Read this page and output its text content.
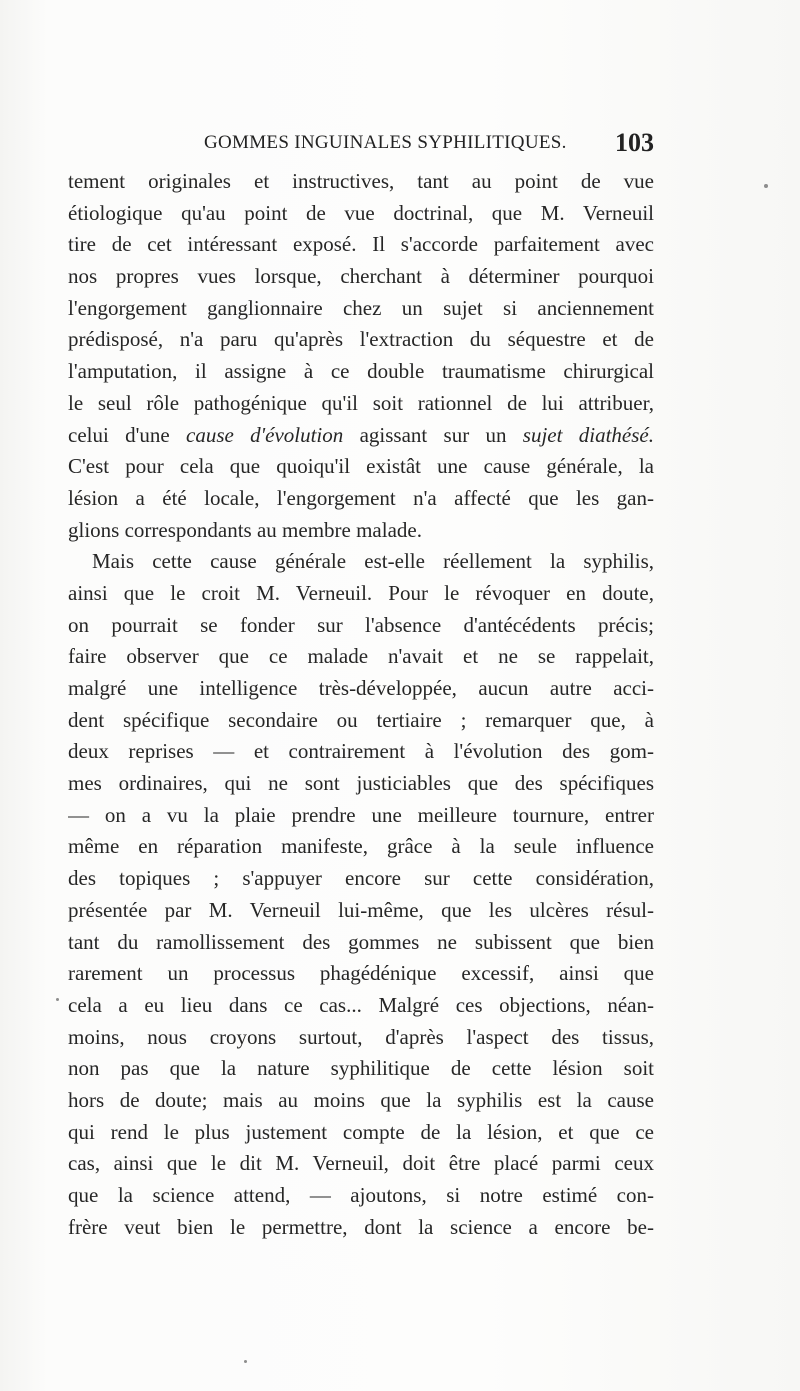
GOMMES INGUINALES SYPHILITIQUES. 103
tement originales et instructives, tant au point de vue
étiologique qu'au point de vue doctrinal, que M. Verneuil
tire de cet intéressant exposé. Il s'accorde parfaitement avec
nos propres vues lorsque, cherchant à déterminer pourquoi
l'engorgement ganglionnaire chez un sujet si anciennement
prédisposé, n'a paru qu'après l'extraction du séquestre et de
l'amputation, il assigne à ce double traumatisme chirurgical
le seul rôle pathogénique qu'il soit rationnel de lui attribuer,
celui d'une cause d'évolution agissant sur un sujet diathésé.
C'est pour cela que quoiqu'il existât une cause générale, la
lésion a été locale, l'engorgement n'a affecté que les gan-
glions correspondants au membre malade.
Mais cette cause générale est-elle réellement la syphilis,
ainsi que le croit M. Verneuil. Pour le révoquer en doute,
on pourrait se fonder sur l'absence d'antécédents précis;
faire observer que ce malade n'avait et ne se rappelait,
malgré une intelligence très-développée, aucun autre acci-
dent spécifique secondaire ou tertiaire ; remarquer que, à
deux reprises — et contrairement à l'évolution des gom-
mes ordinaires, qui ne sont justiciables que des spécifiques
— on a vu la plaie prendre une meilleure tournure, entrer
même en réparation manifeste, grâce à la seule influence
des topiques ; s'appuyer encore sur cette considération,
présentée par M. Verneuil lui-même, que les ulcères résul-
tant du ramollissement des gommes ne subissent que bien
rarement un processus phagédénique excessif, ainsi que
cela a eu lieu dans ce cas... Malgré ces objections, néan-
moins, nous croyons surtout, d'après l'aspect des tissus,
non pas que la nature syphilitique de cette lésion soit
hors de doute; mais au moins que la syphilis est la cause
qui rend le plus justement compte de la lésion, et que ce
cas, ainsi que le dit M. Verneuil, doit être placé parmi ceux
que la science attend, — ajoutons, si notre estimé con-
frère veut bien le permettre, dont la science a encore be-
